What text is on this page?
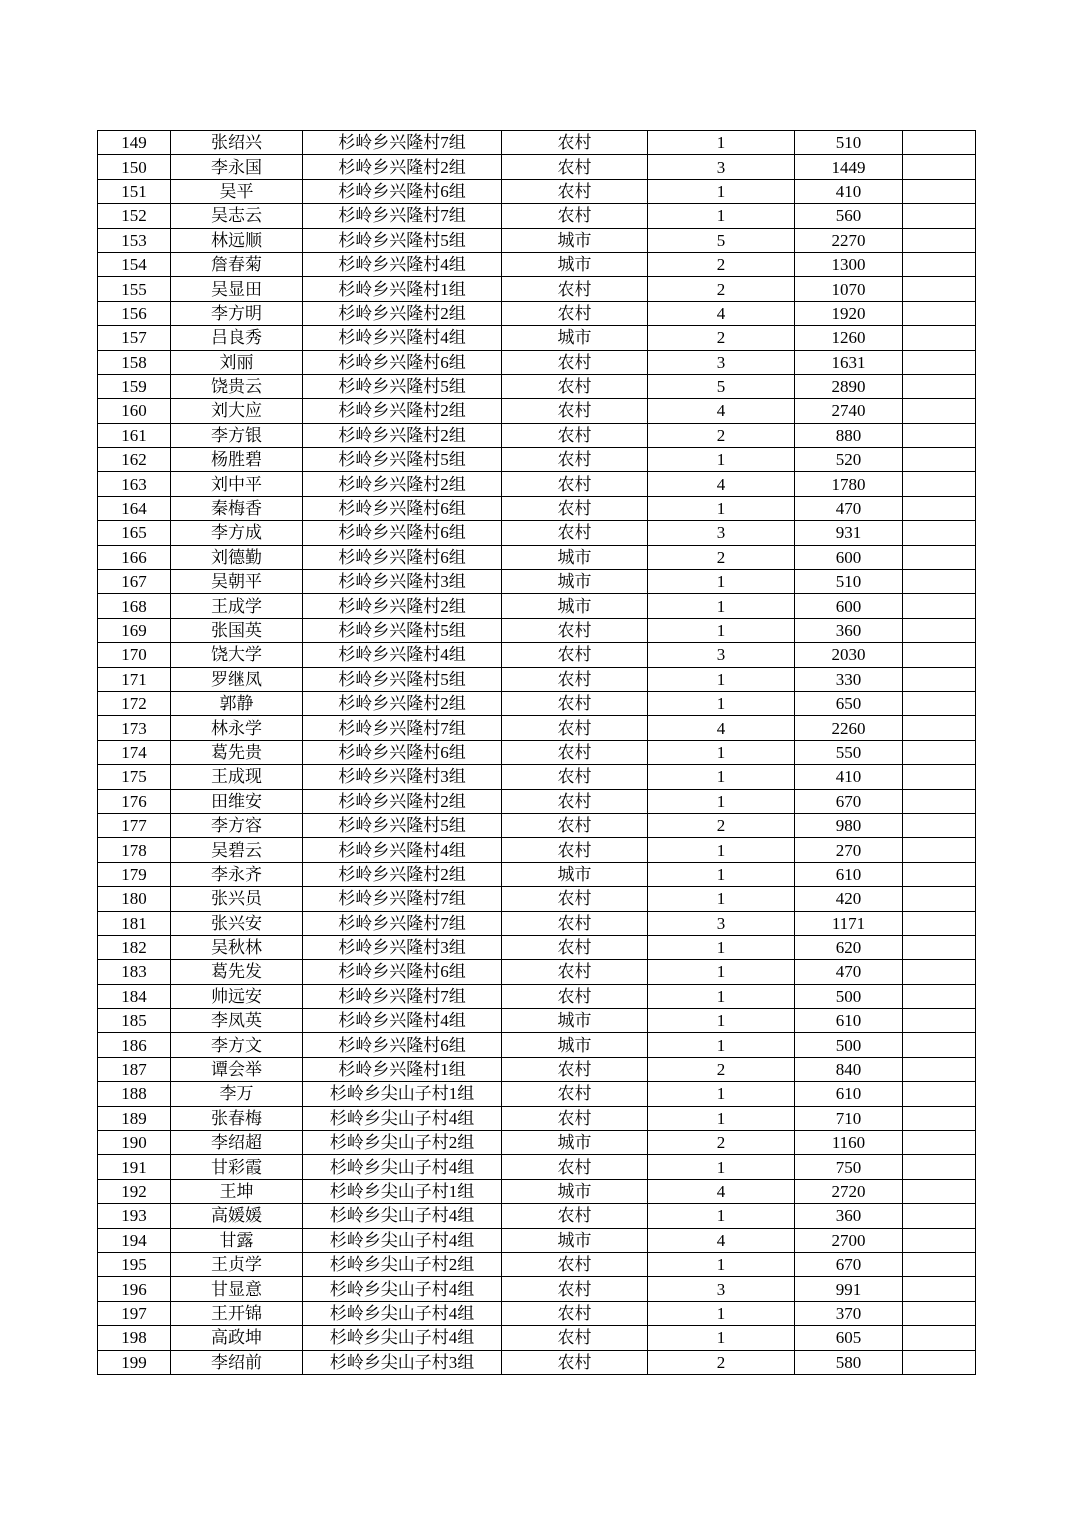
149	张绍兴	杉岭乡兴隆村7组	农村	1	510	
150	李永国	杉岭乡兴隆村2组	农村	3	1449	
151	吴平	杉岭乡兴隆村6组	农村	1	410	
152	吴志云	杉岭乡兴隆村7组	农村	1	560	
153	林远顺	杉岭乡兴隆村5组	城市	5	2270	
154	詹春菊	杉岭乡兴隆村4组	城市	2	1300	
155	吴显田	杉岭乡兴隆村1组	农村	2	1070	
156	李方明	杉岭乡兴隆村2组	农村	4	1920	
157	吕良秀	杉岭乡兴隆村4组	城市	2	1260	
158	刘丽	杉岭乡兴隆村6组	农村	3	1631	
159	饶贵云	杉岭乡兴隆村5组	农村	5	2890	
160	刘大应	杉岭乡兴隆村2组	农村	4	2740	
161	李方银	杉岭乡兴隆村2组	农村	2	880	
162	杨胜碧	杉岭乡兴隆村5组	农村	1	520	
163	刘中平	杉岭乡兴隆村2组	农村	4	1780	
164	秦梅香	杉岭乡兴隆村6组	农村	1	470	
165	李方成	杉岭乡兴隆村6组	农村	3	931	
166	刘德勤	杉岭乡兴隆村6组	城市	2	600	
167	吴朝平	杉岭乡兴隆村3组	城市	1	510	
168	王成学	杉岭乡兴隆村2组	城市	1	600	
169	张国英	杉岭乡兴隆村5组	农村	1	360	
170	饶大学	杉岭乡兴隆村4组	农村	3	2030	
171	罗继凤	杉岭乡兴隆村5组	农村	1	330	
172	郭静	杉岭乡兴隆村2组	农村	1	650	
173	林永学	杉岭乡兴隆村7组	农村	4	2260	
174	葛先贵	杉岭乡兴隆村6组	农村	1	550	
175	王成现	杉岭乡兴隆村3组	农村	1	410	
176	田维安	杉岭乡兴隆村2组	农村	1	670	
177	李方容	杉岭乡兴隆村5组	农村	2	980	
178	吴碧云	杉岭乡兴隆村4组	农村	1	270	
179	李永齐	杉岭乡兴隆村2组	城市	1	610	
180	张兴员	杉岭乡兴隆村7组	农村	1	420	
181	张兴安	杉岭乡兴隆村7组	农村	3	1171	
182	吴秋林	杉岭乡兴隆村3组	农村	1	620	
183	葛先发	杉岭乡兴隆村6组	农村	1	470	
184	帅远安	杉岭乡兴隆村7组	农村	1	500	
185	李凤英	杉岭乡兴隆村4组	城市	1	610	
186	李方文	杉岭乡兴隆村6组	城市	1	500	
187	谭会举	杉岭乡兴隆村1组	农村	2	840	
188	李万	杉岭乡尖山子村1组	农村	1	610	
189	张春梅	杉岭乡尖山子村4组	农村	1	710	
190	李绍超	杉岭乡尖山子村2组	城市	2	1160	
191	甘彩霞	杉岭乡尖山子村4组	农村	1	750	
192	王坤	杉岭乡尖山子村1组	城市	4	2720	
193	高媛媛	杉岭乡尖山子村4组	农村	1	360	
194	甘露	杉岭乡尖山子村4组	城市	4	2700	
195	王贞学	杉岭乡尖山子村2组	农村	1	670	
196	甘显意	杉岭乡尖山子村4组	农村	3	991	
197	王开锦	杉岭乡尖山子村4组	农村	1	370	
198	高政坤	杉岭乡尖山子村4组	农村	1	605	
199	李绍前	杉岭乡尖山子村3组	农村	2	580	
